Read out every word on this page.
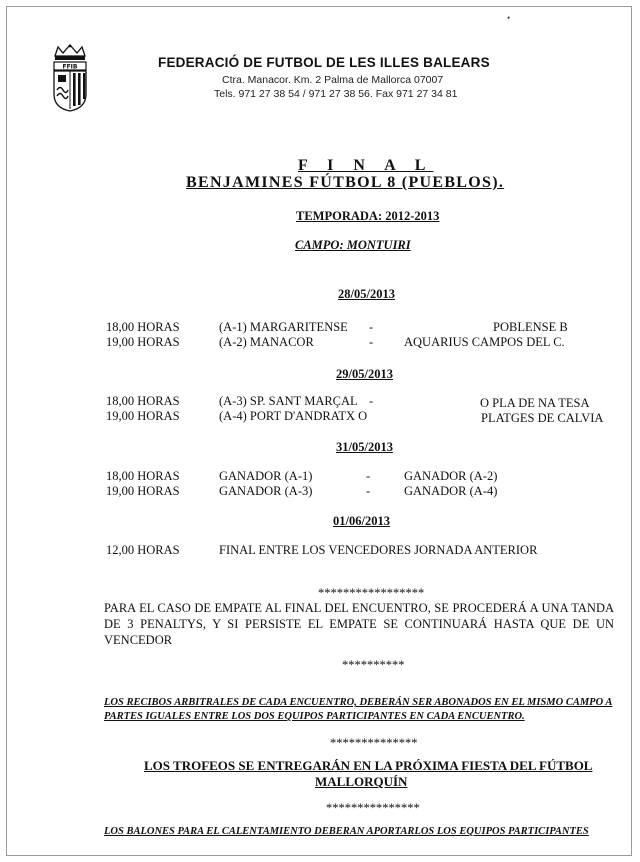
•
FFIB	FEDERACIÓ DE FUTBOL DE LES ILLES BALEARS
Ctra. Manacor. Km. 2 Palma de Mallorca 07007
Tels. 971 27 38 54 / 971 27 38 56. Fax 971 27 34 81
F I N A L
BENJAMINES FÚTBOL 8 (PUEBLOS).
TEMPORADA: 2012-2013
CAMPO: MONTUIRI
28/05/2013
18,00 HORAS	(A-1) MARGARITENSE -	POBLENSE B
19,00 HORAS	(A-2) MANACOR	- AQUARIUS CAMPOS DEL C.
29/05/2013
18,00 HORAS	(A-3) SP. SANT MARÇAL -	O PLA DE NA TESA
19,00 HORAS	(A-4) PORT D'ANDRATX O	PLATGES DE CALVIA
31/05/2013
18,00 HORAS	GANADOR (A-1)	-	GANADOR (A-2)
19,00 HORAS	GANADOR (A-3)	-	GANADOR (A-4)
01/06/2013
12,00 HORAS	FINAL ENTRE LOS VENCEDORES JORNADA ANTERIOR
*****************
PARA EL CASO DE EMPATE AL FINAL DEL ENCUENTRO, SE PROCEDERÁ A UNA TANDA DE 3 PENALTYS, Y SI PERSISTE EL EMPATE SE CONTINUARÁ HASTA QUE DE UN VENCEDOR
**********
LOS RECIBOS ARBITRALES DE CADA ENCUENTRO, DEBERÁN SER ABONADOS EN EL MISMO CAMPO A
PARTES IGUALES ENTRE LOS DOS EQUIPOS PARTICIPANTES EN CADA ENCUENTRO.
**************
LOS TROFEOS SE ENTREGARÁN EN LA PRÓXIMA FIESTA DEL FÚTBOL
MALLORQUÍN
***************
LOS BALONES PARA EL CALENTAMIENTO DEBERAN APORTARLOS LOS EQUIPOS PARTICIPANTES
